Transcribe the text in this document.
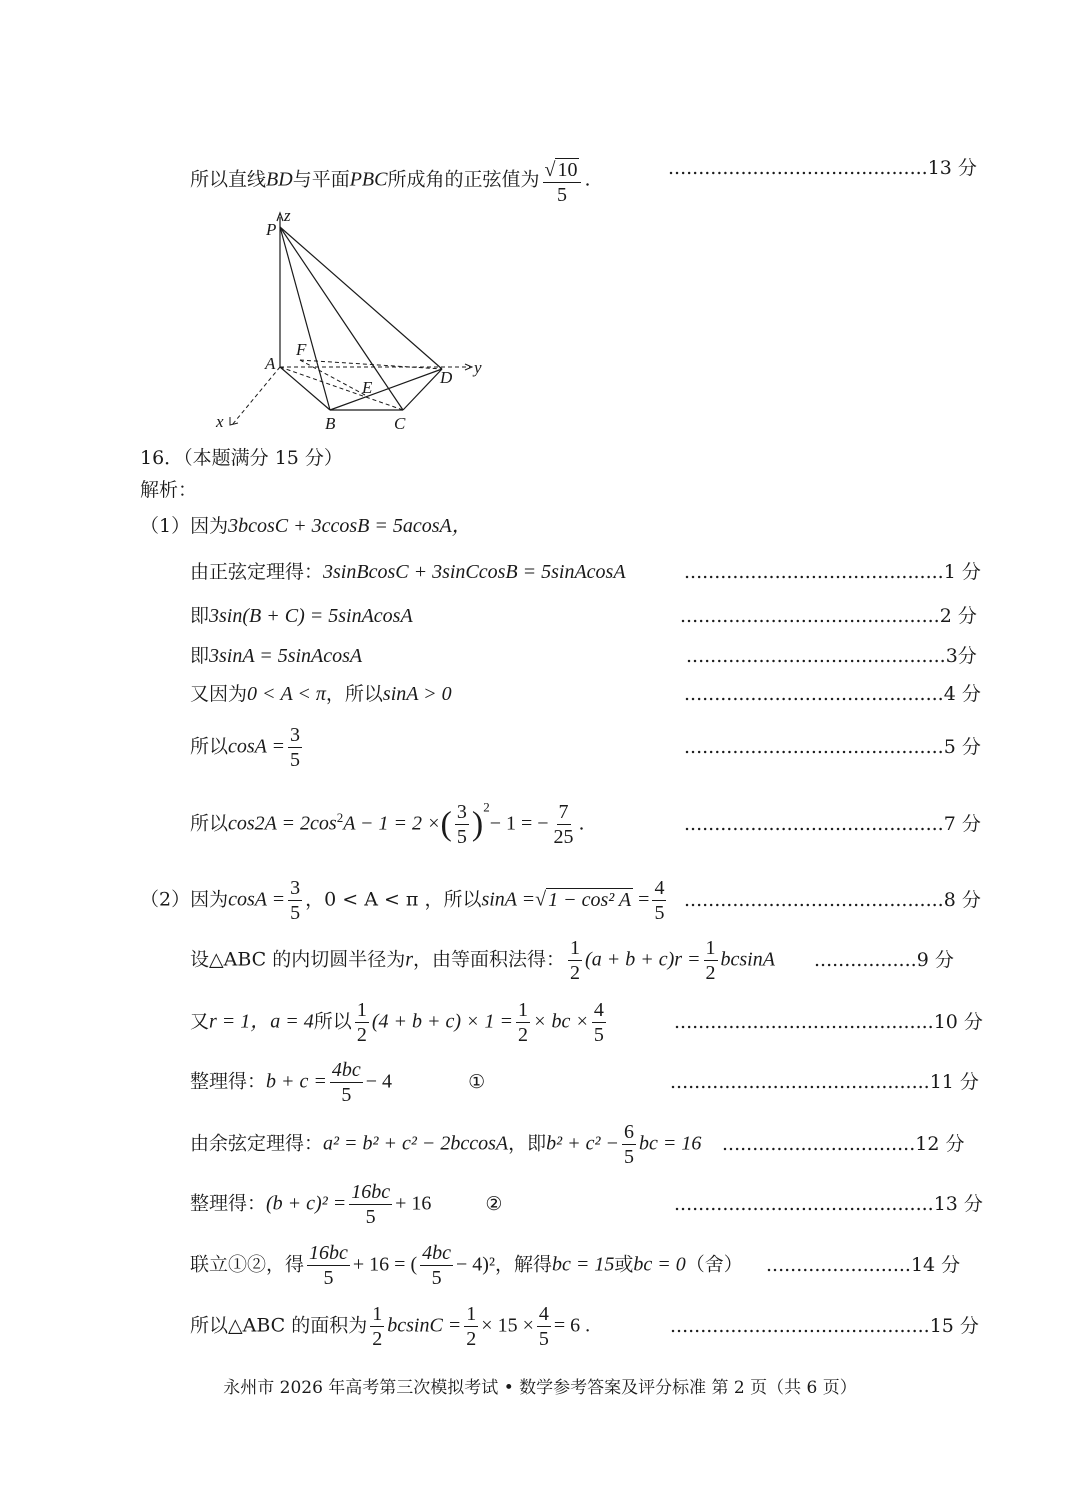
所以直线BD与平面PBC所成角的正弦值为 $\frac{√ 10}{5}$ .
...........................................13 分
P
z
F
A
E
D
y
x	B	C
16．（本题满分 15 分）
解析：
（1）因为3bcosC + 3ccosB = 5acosA，
由正弦定理得：3sinBcosC + 3sinCcosB = 5sinAcosA	...........................................1 分
即3sin(B + C) = 5sinAcosA	...........................................2 分
即3sinA = 5sinAcosA	...........................................3分
又因为0 < A < π，所以sinA > 0	...........................................4 分
所以$\cos A = \frac{3}{5}$	...........................................5 分
所以$\cos 2A = 2\cos^2A - 1 = 2$ ×( $\frac{3}{5} )^2- 1$ = − $\frac{7}{25}$ .	...........................................7 分
（2）因为$\cos A = \frac{3}{5}$ ，0 < A < π ，所以sinA =√ 1 − cos² $A = \frac{4}{5} ...........................................8$ 分
设△ABC 的内切圆半径为r，由等面积法得： $\frac{1}{2} (a + b + c)r = \frac{1}{2}$ bcsinA .................9 分
又r = 1，a = 4所以 $\frac{1}{2} (4 + b + c) \times 1 = \frac{1}{2}$ × bc × $\frac{4}{5}$	...........................................10 分
整理得：$b + c = \frac{4bc}{5} - 4$	①	...........................................11 分
由余弦定理得：a² = b² + c² − 2bccosA，即$b^2 + c^2 - \frac{6}{5}$ bc = 16 ................................12 分
整理得：$(b + c)^2 = \frac{16bc}{5} + 16$	②	...........................................13 分
联立①②，得 $\frac{16bc}{5} + 16$ = ( $\frac{4bc}{5} - 4)^2$，解得bc = 15或bc = 0（舍） ........................14 分
所以△ABC 的面积为 $\frac{1}{2}$ $bcsinC = \frac{1}{2} \times 15 \times \frac{4}{5} = 6$ .	...........................................15 分
永州市 2026 年高考第三次模拟考试 • 数学参考答案及评分标准 第 2 页（共 6 页）
